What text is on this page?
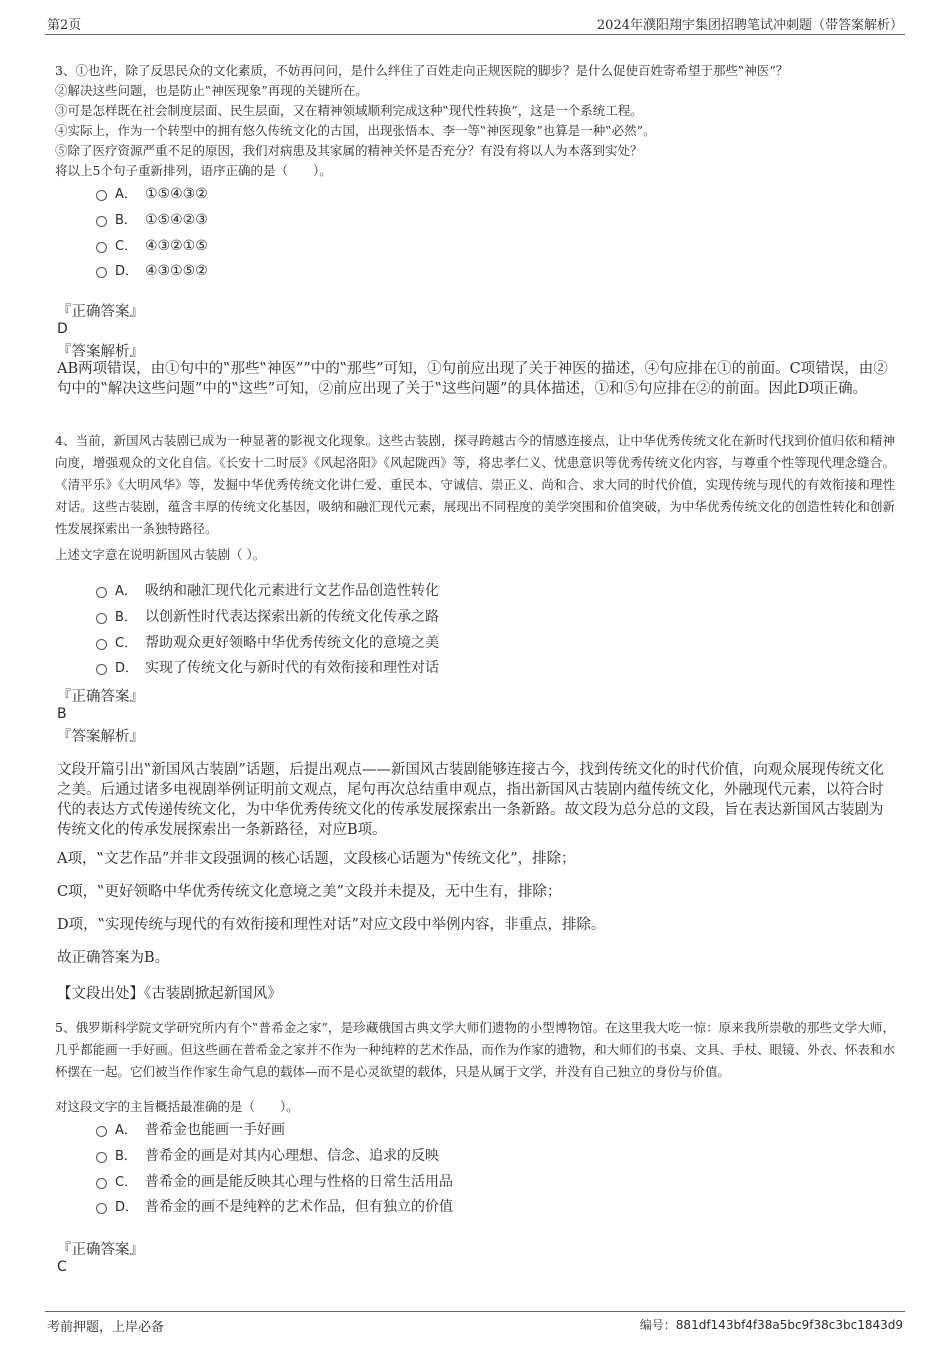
第2页	2024年濮阳翔宇集团招聘笔试冲刺题（带答案解析）
3、①也许，除了反思民众的文化素质，不妨再问问，是什么绊住了百姓走向正规医院的脚步？是什么促使百姓寄希望于那些‟神医”？
②解决这些问题，也是防止‟神医现象”再现的关键所在。
③可是怎样既在社会制度层面、民生层面，又在精神领域顺利完成这种‟现代性转换”，这是一个系统工程。
④实际上，作为一个转型中的拥有悠久传统文化的古国，出现张悟本、李一等‟神医现象”也算是一种‟必然”。
⑤除了医疗资源严重不足的原因，我们对病患及其家属的精神关怀是否充分？有没有将以人为本落到实处？
将以上5个句子重新排列，语序正确的是（　　）。
A． ①⑤④③②
B． ①⑤④②③
C． ④③②①⑤
D． ④③①⑤②
『正确答案』
D
『答案解析』
AB两项错误，由①句中的‟那些‟神医””中的‟那些”可知，①句前应出现了关于神医的描述，④句应排在①的前面。C项错误，由②句中的‟解决这些问题”中的‟这些”可知，②前应出现了关于‟这些问题”的具体描述，①和⑤句应排在②的前面。因此D项正确。
4、当前，新国风古装剧已成为一种显著的影视文化现象。这些古装剧，探寻跨越古今的情感连接点，让中华优秀传统文化在新时代找到价值归依和精神向度，增强观众的文化自信。《长安十二时辰》《风起洛阳》《风起陇西》等，将忠孝仁义、忧患意识等优秀传统文化内容，与尊重个性等现代理念缝合。《清平乐》《大明风华》等，发掘中华优秀传统文化讲仁爱、重民本、守诚信、崇正义、尚和合、求大同的时代价值，实现传统与现代的有效衔接和理性对话。这些古装剧，蕴含丰厚的传统文化基因，吸纳和融汇现代元素，展现出不同程度的美学突围和价值突破，为中华优秀传统文化的创造性转化和创新性发展探索出一条独特路径。
上述文字意在说明新国风古装剧（ ）。
A． 吸纳和融汇现代化元素进行文艺作品创造性转化
B． 以创新性时代表达探索出新的传统文化传承之路
C． 帮助观众更好领略中华优秀传统文化的意境之美
D． 实现了传统文化与新时代的有效衔接和理性对话
『正确答案』
B
『答案解析』
文段开篇引出‟新国风古装剧”话题，后提出观点——新国风古装剧能够连接古今，找到传统文化的时代价值，向观众展现传统文化之美。后通过诸多电视剧举例证明前文观点，尾句再次总结重申观点，指出新国风古装剧内蕴传统文化，外融现代元素，以符合时代的表达方式传递传统文化，为中华优秀传统文化的传承发展探索出一条新路。故文段为总分总的文段，旨在表达新国风古装剧为传统文化的传承发展探索出一条新路径，对应B项。
A项，‟文艺作品”并非文段强调的核心话题，文段核心话题为‟传统文化”，排除；
C项，‟更好领略中华优秀传统文化意境之美”文段并未提及，无中生有，排除；
D项，‟实现传统与现代的有效衔接和理性对话”对应文段中举例内容，非重点，排除。
故正确答案为B。
【文段出处】《古装剧掀起新国风》
5、俄罗斯科学院文学研究所内有个‟普希金之家”，是珍藏俄国古典文学大师们遗物的小型博物馆。在这里我大吃一惊：原来我所崇敬的那些文学大师，几乎都能画一手好画。但这些画在普希金之家并不作为一种纯粹的艺术作品，而作为作家的遗物，和大师们的书桌、文具、手杖、眼镜、外衣、怀表和水杯摆在一起。它们被当作作家生命气息的载体—而不是心灵欲望的载体，只是从属于文学，并没有自己独立的身份与价值。
对这段文字的主旨概括最准确的是（　　）。
A． 普希金也能画一手好画
B． 普希金的画是对其内心理想、信念、追求的反映
C． 普希金的画是能反映其心理与性格的日常生活用品
D． 普希金的画不是纯粹的艺术作品，但有独立的价值
『正确答案』
C
考前押题，上岸必备	编号：881df143bf4f38a5bc9f38c3bc1843d9
